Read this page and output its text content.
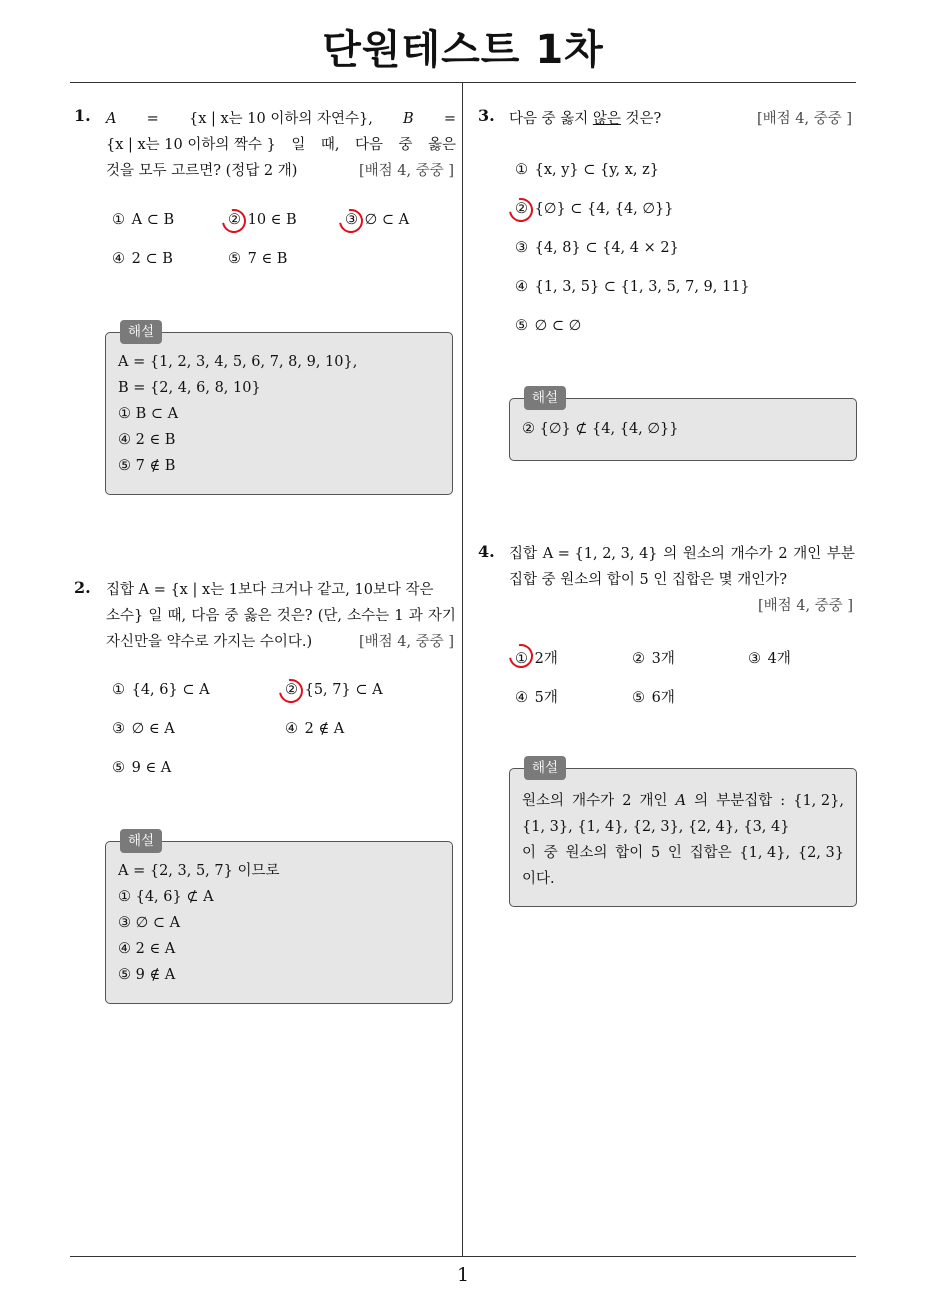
단원테스트 1차
1
1. A = {x | x는 10 이하의 자연수}, B =
{x | x는 10 이하의 짝수 } 일 때, 다음 중 옳은
것을 모두 고르면? (정답 2 개)	[배점 4, 중중 ]
① A ⊂ B	② 10 ∈ B	③ ∅ ⊂ A
④ 2 ⊂ B	⑤ 7 ∈ B
해설
A = {1, 2, 3, 4, 5, 6, 7, 8, 9, 10},
B = {2, 4, 6, 8, 10}
① B ⊂ A
④ 2 ∈ B
⑤ 7 ∉ B
2. 집합 A = {x | x는 1보다 크거나 같고, 10보다 작은
소수} 일 때, 다음 중 옳은 것은? (단, 소수는 1 과 자기
자신만을 약수로 가지는 수이다.)	[배점 4, 중중 ]
① {4, 6} ⊂ A	② {5, 7} ⊂ A
③ ∅ ∈ A	④ 2 ∉ A
⑤ 9 ∈ A
해설
A = {2, 3, 5, 7} 이므로
① {4, 6} ⊄ A
③ ∅ ⊂ A
④ 2 ∈ A
⑤ 9 ∉ A
3. 다음 중 옳지 않은 것은?	[배점 4, 중중 ]
① {x, y} ⊂ {y, x, z}
② {∅} ⊂ {4, {4, ∅}}
③ {4, 8} ⊂ {4, 4 × 2}
④ {1, 3, 5} ⊂ {1, 3, 5, 7, 9, 11}
⑤ ∅ ⊂ ∅
해설
② {∅} ⊄ {4, {4, ∅}}
4. 집합 A = {1, 2, 3, 4} 의 원소의 개수가 2 개인 부분
집합 중 원소의 합이 5 인 집합은 몇 개인가?
[배점 4, 중중 ]
① 2개	② 3개	③ 4개
④ 5개	⑤ 6개
해설
원소의 개수가 2 개인 A 의 부분집합 : {1, 2},
{1, 3}, {1, 4}, {2, 3}, {2, 4}, {3, 4}
이 중 원소의 합이 5 인 집합은 {1, 4}, {2, 3}
이다.
